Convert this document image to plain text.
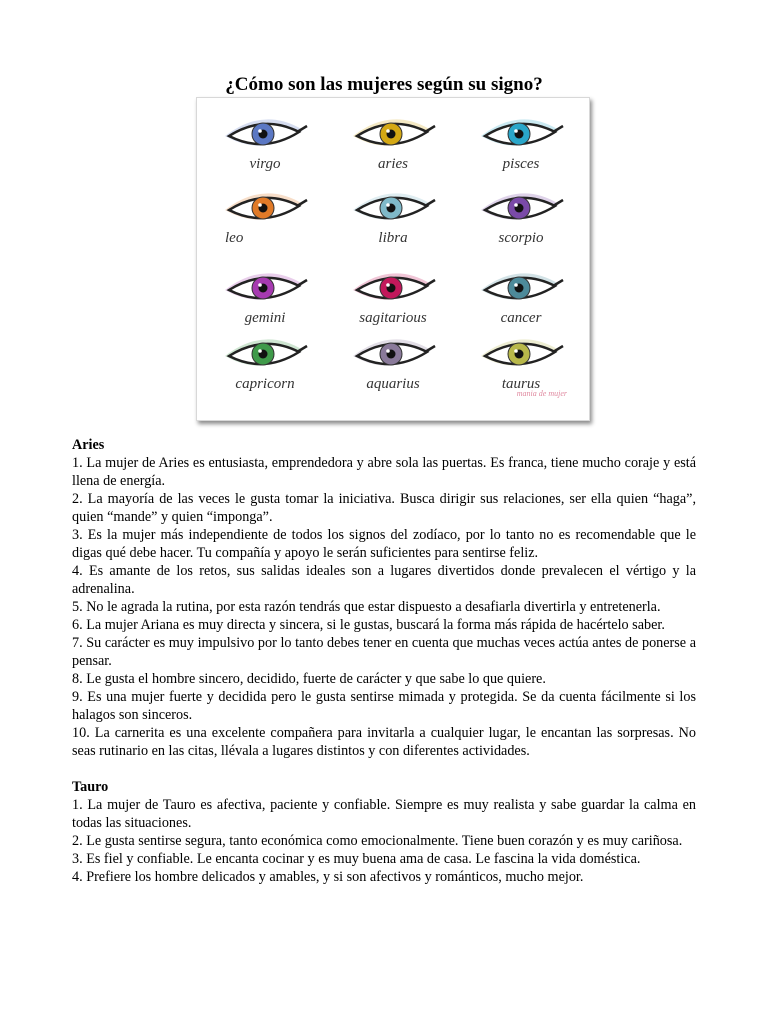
¿Cómo son las mujeres según su signo?
mania de mujer
virgo	aries	pisces
leo	libra	scorpio
gemini	sagitarious	cancer
capricorn	aquarius	taurus

Aries

1. La mujer de Aries es entusiasta, emprendedora y abre sola las puertas. Es franca, tiene mucho coraje y está llena de energía.

2. La mayoría de las veces le gusta tomar la iniciativa. Busca dirigir sus relaciones, ser ella quien “haga”, quien “mande” y quien “imponga”.

3. Es la mujer más independiente de todos los signos del zodíaco, por lo tanto no es recomendable que le digas qué debe hacer. Tu compañía y apoyo le serán suficientes para sentirse feliz.

4. Es amante de los retos, sus salidas ideales son a lugares divertidos donde prevalecen el vértigo y la adrenalina.

5. No le agrada la rutina, por esta razón tendrás que estar dispuesto a desafiarla divertirla y entretenerla.

6. La mujer Ariana es muy directa y sincera, si le gustas, buscará la forma más rápida de hacértelo saber.

7. Su carácter es muy impulsivo por lo tanto debes tener en cuenta que muchas veces actúa antes de ponerse a pensar.

8. Le gusta el hombre sincero, decidido, fuerte de carácter y que sabe lo que quiere.

9. Es una mujer fuerte y decidida pero le gusta sentirse mimada y protegida. Se da cuenta fácilmente si los halagos son sinceros.

10. La carnerita es una excelente compañera para invitarla a cualquier lugar, le encantan las sorpresas. No seas rutinario en las citas, llévala a lugares distintos y con diferentes actividades.

Tauro

1. La mujer de Tauro es afectiva, paciente y confiable. Siempre es muy realista y sabe guardar la calma en todas las situaciones.

2. Le gusta sentirse segura, tanto económica como emocionalmente. Tiene buen corazón y es muy cariñosa.

3. Es fiel y confiable. Le encanta cocinar y es muy buena ama de casa. Le fascina la vida doméstica.

4. Prefiere los hombre delicados y amables, y si son afectivos y románticos, mucho mejor.
